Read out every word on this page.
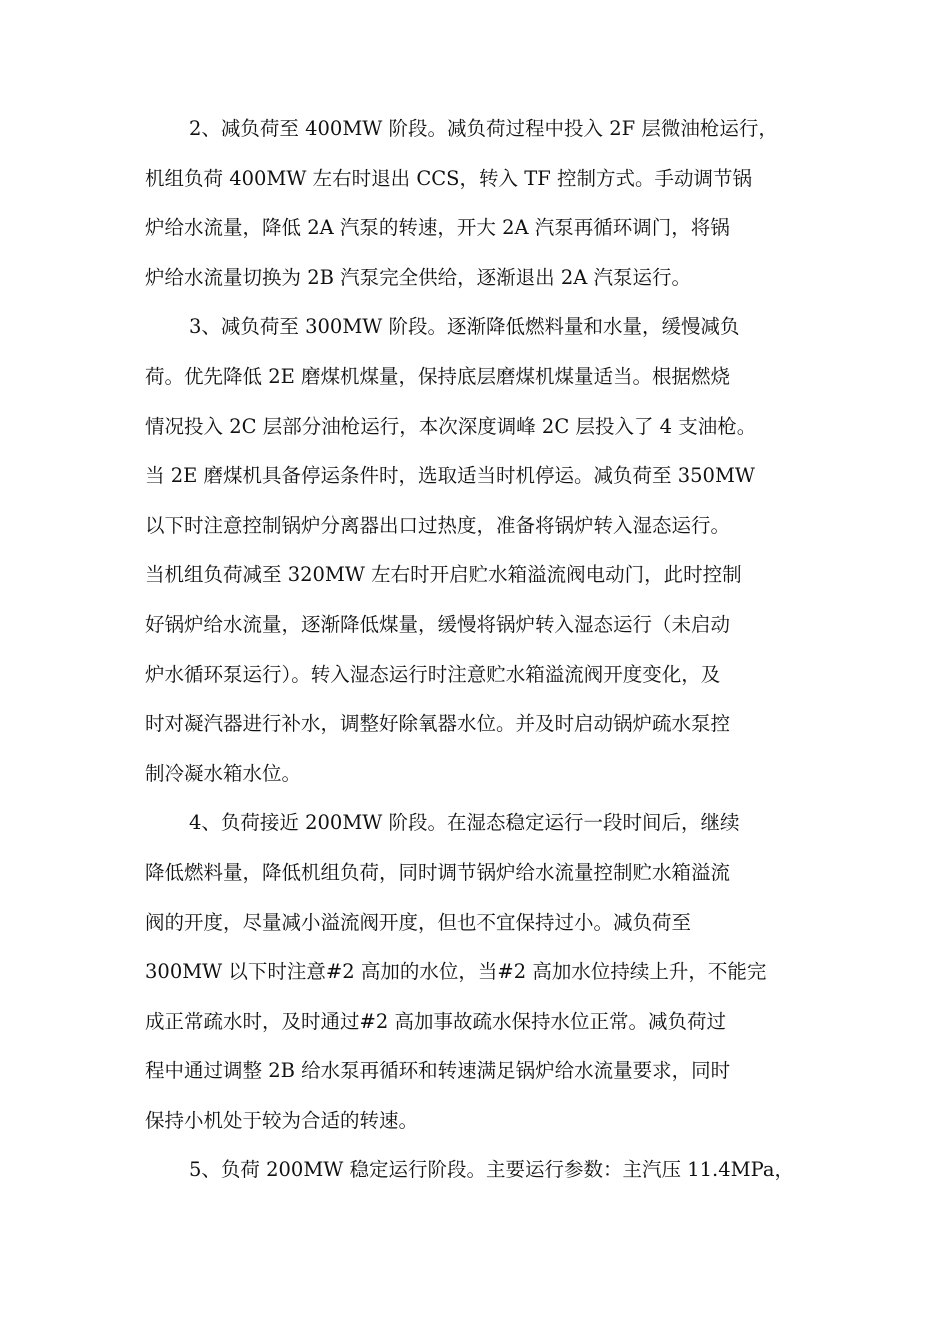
2、减负荷至 400MW 阶段。减负荷过程中投入 2F 层微油枪运行，
机组负荷 400MW 左右时退出 CCS，转入 TF 控制方式。手动调节锅
炉给水流量，降低 2A 汽泵的转速，开大 2A 汽泵再循环调门，将锅
炉给水流量切换为 2B 汽泵完全供给，逐渐退出 2A 汽泵运行。
3、减负荷至 300MW 阶段。逐渐降低燃料量和水量，缓慢减负
荷。优先降低 2E 磨煤机煤量，保持底层磨煤机煤量适当。根据燃烧
情况投入 2C 层部分油枪运行，本次深度调峰 2C 层投入了 4 支油枪。
当 2E 磨煤机具备停运条件时，选取适当时机停运。减负荷至 350MW
以下时注意控制锅炉分离器出口过热度，准备将锅炉转入湿态运行。
当机组负荷减至 320MW 左右时开启贮水箱溢流阀电动门，此时控制
好锅炉给水流量，逐渐降低煤量，缓慢将锅炉转入湿态运行（未启动
炉水循环泵运行）。转入湿态运行时注意贮水箱溢流阀开度变化，及
时对凝汽器进行补水，调整好除氧器水位。并及时启动锅炉疏水泵控
制冷凝水箱水位。
4、负荷接近 200MW 阶段。在湿态稳定运行一段时间后，继续
降低燃料量，降低机组负荷，同时调节锅炉给水流量控制贮水箱溢流
阀的开度，尽量减小溢流阀开度，但也不宜保持过小。减负荷至
300MW 以下时注意#2 高加的水位，当#2 高加水位持续上升，不能完
成正常疏水时，及时通过#2 高加事故疏水保持水位正常。减负荷过
程中通过调整 2B 给水泵再循环和转速满足锅炉给水流量要求，同时
保持小机处于较为合适的转速。
5、负荷 200MW 稳定运行阶段。主要运行参数：主汽压 11.4MPa，
